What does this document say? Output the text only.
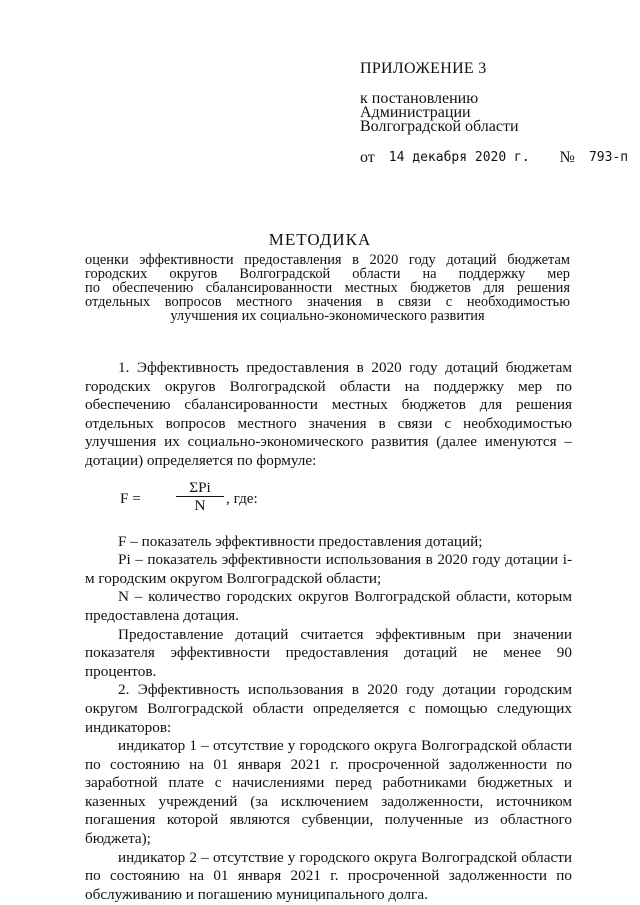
ПРИЛОЖЕНИЕ 3
к постановлению
Администрации
Волгоградской области
от 14 декабря 2020 г. № 793-п
МЕТОДИКА
оценки эффективности предоставления в 2020 году дотаций бюджетам
городских округов Волгоградской области на поддержку мер
по обеспечению сбалансированности местных бюджетов для решения
отдельных вопросов местного значения в связи с необходимостью
улучшения их социально-экономического развития

1. Эффективность предоставления в 2020 году дотаций бюджетам городских округов Волгоградской области на поддержку мер по обеспечению сбалансированности местных бюджетов для решения отдельных вопросов местного значения в связи с необходимостью улучшения их социально-экономического развития (далее именуются – дотации) определяется по формуле:

F =
ΣPi
N	, где:

F – показатель эффективности предоставления дотаций;

Pi – показатель эффективности использования в 2020 году дотации i-м городским округом Волгоградской области;

N – количество городских округов Волгоградской области, которым предоставлена дотация.

Предоставление дотаций считается эффективным при значении показателя эффективности предоставления дотаций не менее 90 процентов.

2. Эффективность использования в 2020 году дотации городским округом Волгоградской области определяется с помощью следующих индикаторов:

индикатор 1 – отсутствие у городского округа Волгоградской области по состоянию на 01 января 2021 г. просроченной задолженности по заработной плате с начислениями перед работниками бюджетных и казенных учреждений (за исключением задолженности, источником погашения которой являются субвенции, полученные из областного бюджета);

индикатор 2 – отсутствие у городского округа Волгоградской области по состоянию на 01 января 2021 г. просроченной задолженности по обслуживанию и погашению муниципального долга.
